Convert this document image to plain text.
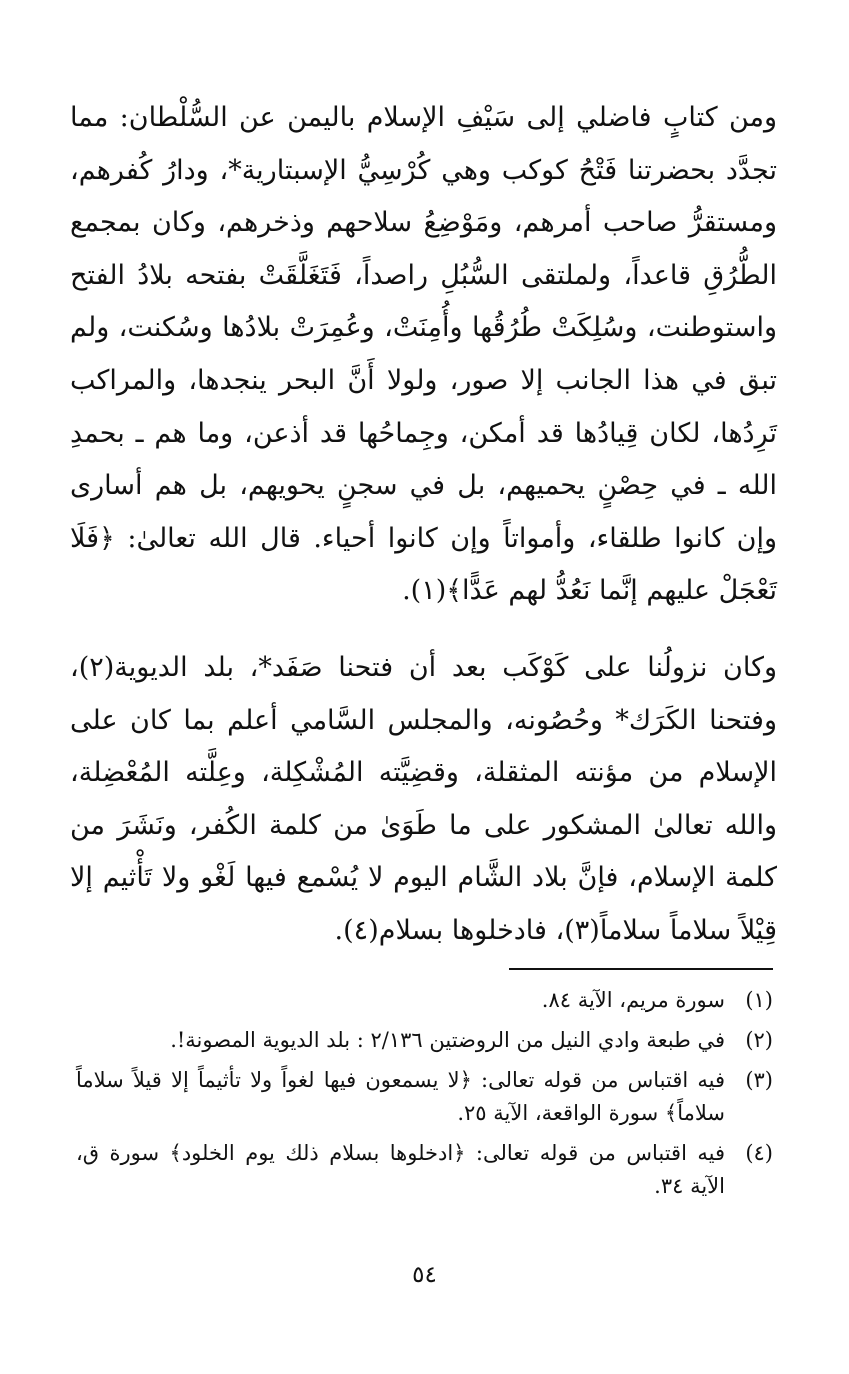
ومن كتابٍ فاضلي إلى سَيْفِ الإسلام باليمن عن السُّلْطان: مما تجدَّد بحضرتنا فَتْحُ كوكب وهي كُرْسِيُّ الإسبتارية*، ودارُ كُفرهم، ومستقرُّ صاحب أمرهم، ومَوْضِعُ سلاحهم وذخرهم، وكان بمجمع الطُّرُقِ قاعداً، ولملتقى السُّبُلِ راصداً، فَتَغَلَّقَتْ بفتحه بلادُ الفتح واستوطنت، وسُلِكَتْ طُرُقُها وأُمِنَتْ، وعُمِرَتْ بلادُها وسُكنت، ولم تبق في هذا الجانب إلا صور، ولولا أَنَّ البحر ينجدها، والمراكب تَرِدُها، لكان قِيادُها قد أمكن، وجِماحُها قد أذعن، وما هم ـ بحمدِ الله ـ في حِصْنٍ يحميهم، بل في سجنٍ يحويهم، بل هم أسارى وإن كانوا طلقاء، وأمواتاً وإن كانوا أحياء. قال الله تعالىٰ: ﴿فَلَا تَعْجَلْ عليهم إنَّما نَعُدُّ لهم عَدًّا﴾(١).

وكان نزولُنا على كَوْكَب بعد أن فتحنا صَفَد*، بلد الديوية(٢)، وفتحنا الكَرَك* وحُصُونه، والمجلس السَّامي أعلم بما كان على الإسلام من مؤنته المثقلة، وقضِيَّته المُشْكِلة، وعِلَّته المُعْضِلة، والله تعالىٰ المشكور على ما طَوَىٰ من كلمة الكُفر، ونَشَرَ من كلمة الإسلام، فإنَّ بلاد الشَّام اليوم لا يُسْمع فيها لَغْو ولا تَأْثيم إلا قِيْلاً سلاماً سلاماً(٣)، فادخلوها بسلام(٤).

(١)
سورة مريم، الآية ٨٤.
(٢)
في طبعة وادي النيل من الروضتين ٢/١٣٦ : بلد الديوية المصونة!.
(٣)
فيه اقتباس من قوله تعالى: ﴿لا يسمعون فيها لغواً ولا تأثيماً إلا قيلاً سلاماً سلاماً﴾ سورة الواقعة، الآية ٢٥.
(٤)
فيه اقتباس من قوله تعالى: ﴿ادخلوها بسلام ذلك يوم الخلود﴾ سورة ق، الآية ٣٤.
٥٤
